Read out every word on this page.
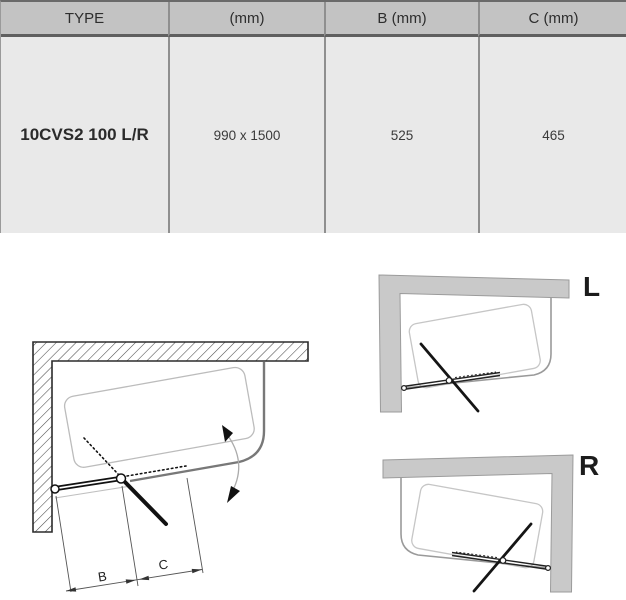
TYPE	(mm)	B (mm)	C (mm)
10CVS2 100 L/R	990 x 1500	525	465
B
C
L
R
